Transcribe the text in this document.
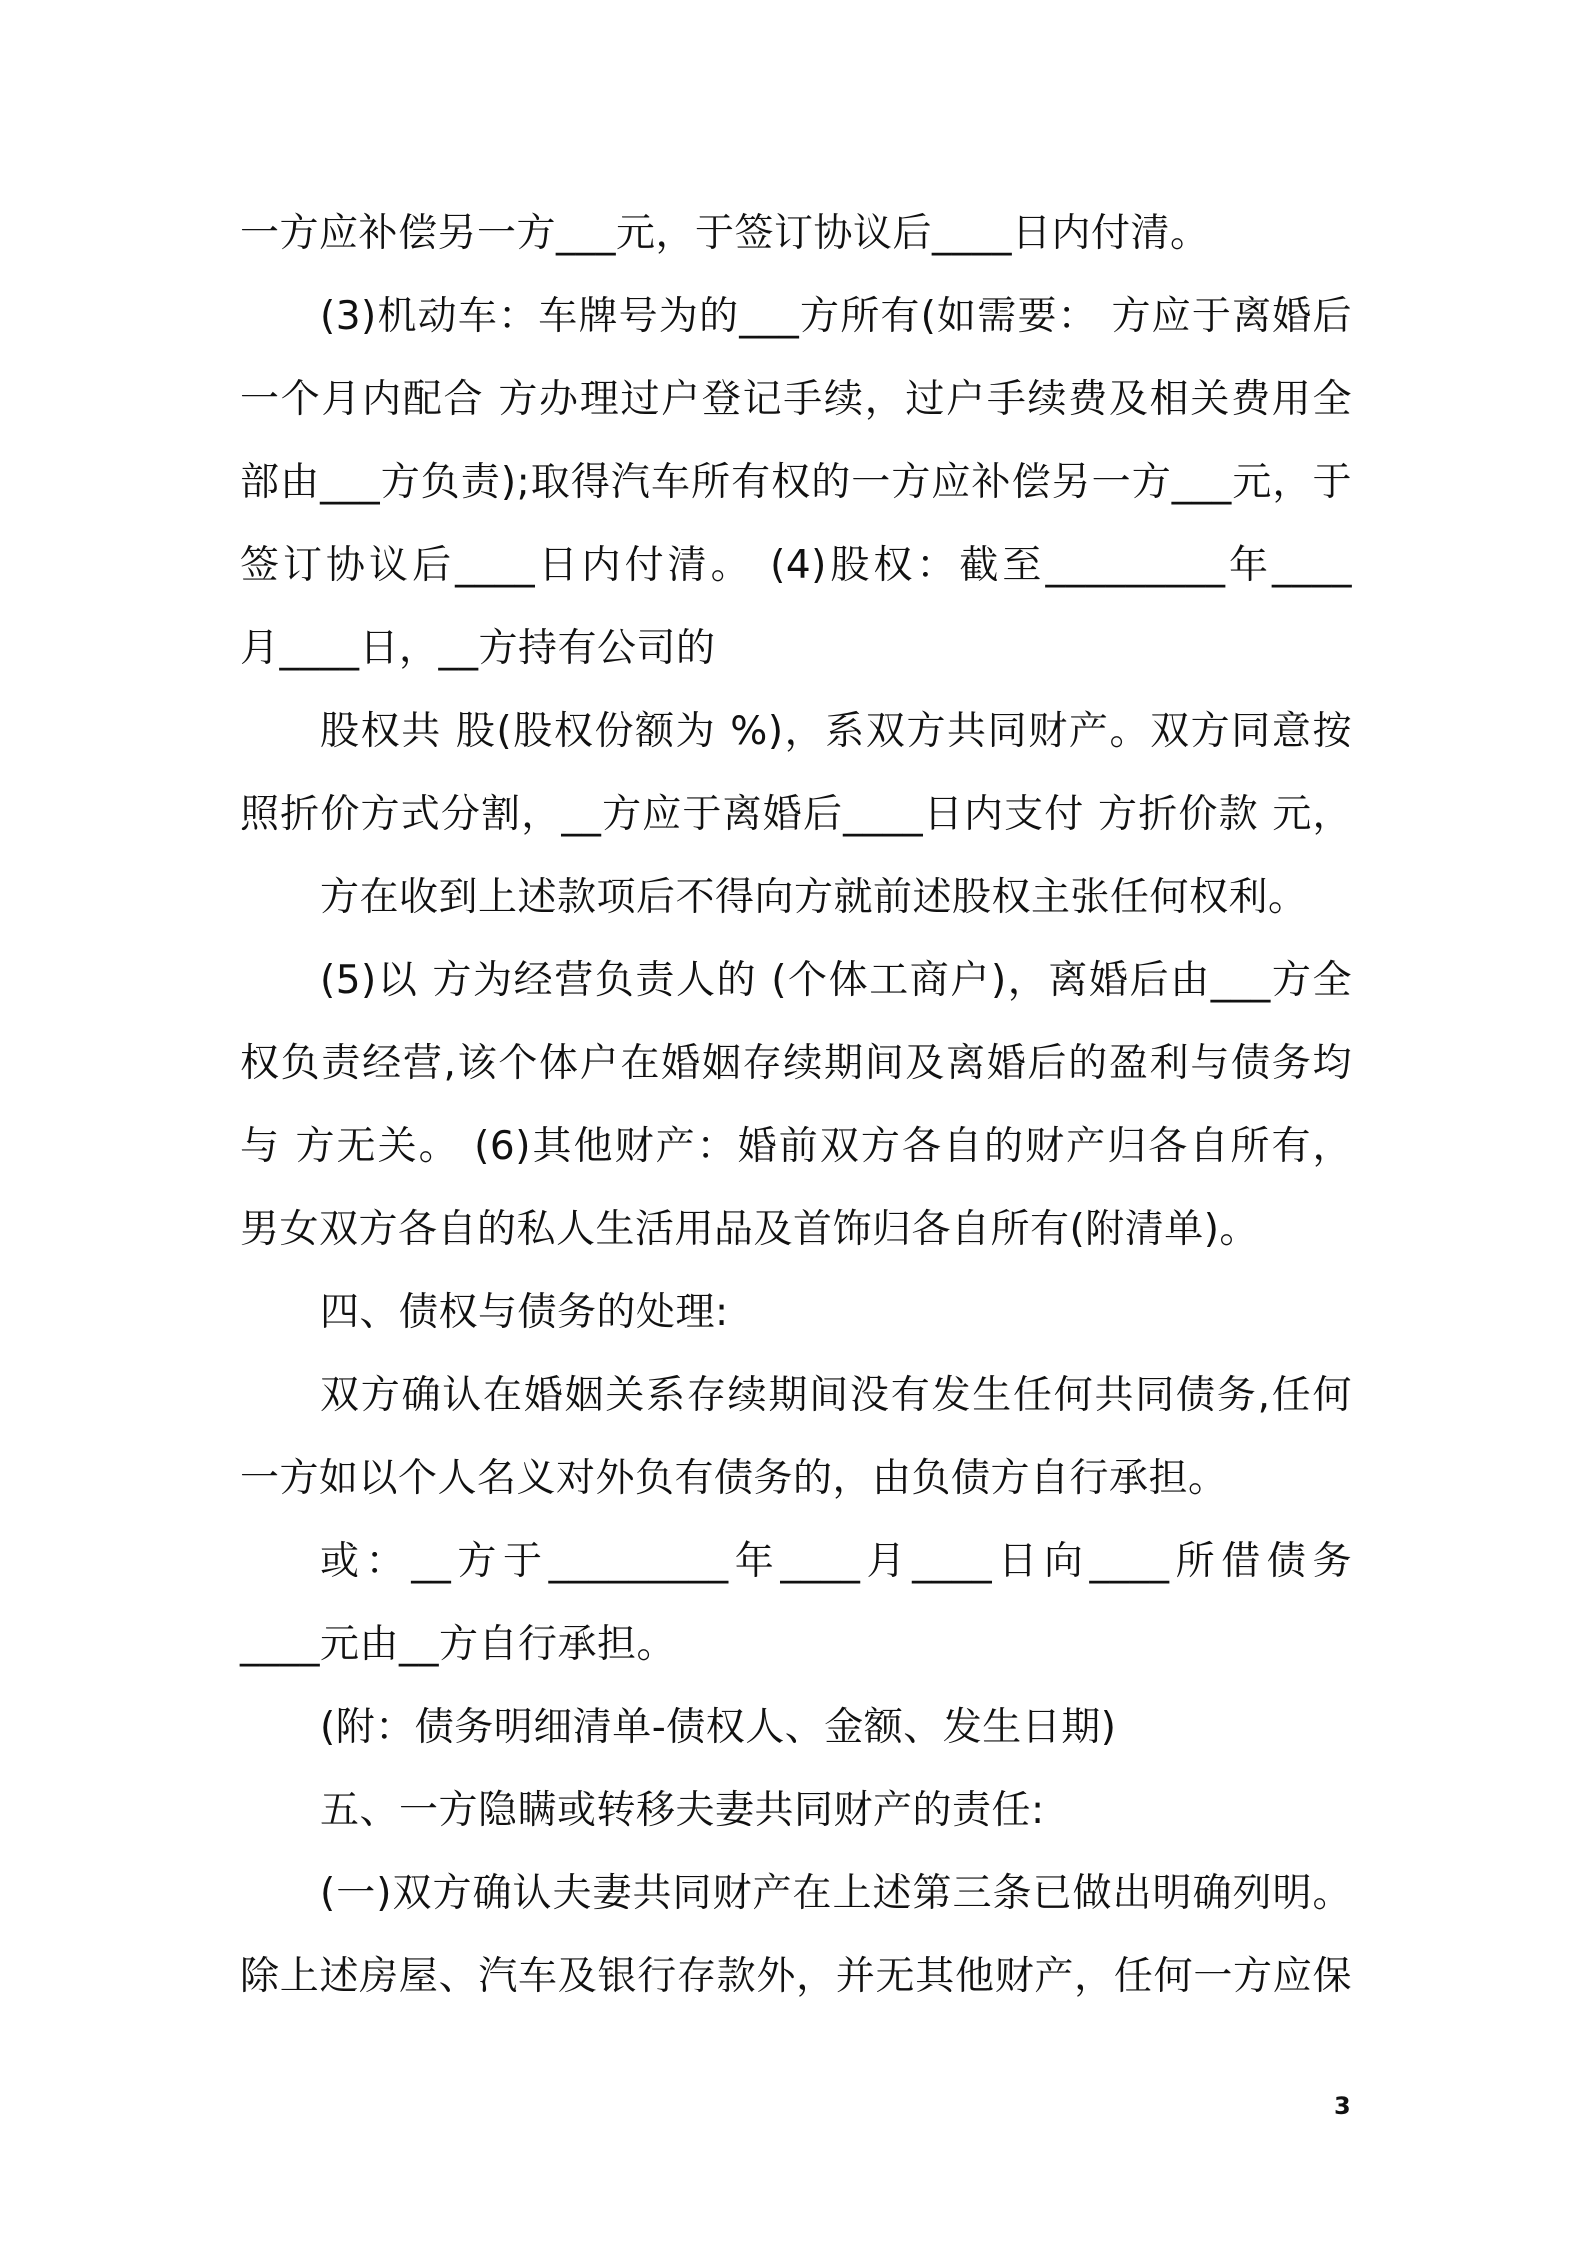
一方应补偿另一方___元，于签订协议后____日内付清。
(3)机动车：车牌号为的___方所有(如需要： 方应于离婚后
一个月内配合 方办理过户登记手续，过户手续费及相关费用全
部由___方负责);取得汽车所有权的一方应补偿另一方___元，于
签订协议后____日内付清。 (4)股权：截至_________年____
月____日，__方持有公司的
股权共 股(股权份额为 %)，系双方共同财产。双方同意按
照折价方式分割，__方应于离婚后____日内支付 方折价款 元，
方在收到上述款项后不得向方就前述股权主张任何权利。
(5)以 方为经营负责人的 (个体工商户)，离婚后由___方全
权负责经营,该个体户在婚姻存续期间及离婚后的盈利与债务均
与 方无关。 (6)其他财产：婚前双方各自的财产归各自所有，
男女双方各自的私人生活用品及首饰归各自所有(附清单)。
四、债权与债务的处理:
双方确认在婚姻关系存续期间没有发生任何共同债务,任何
一方如以个人名义对外负有债务的，由负债方自行承担。
或：__方于_________年____月____日向____所借债务
____元由__方自行承担。
(附：债务明细清单-债权人、金额、发生日期)
五、一方隐瞒或转移夫妻共同财产的责任:
(一)双方确认夫妻共同财产在上述第三条已做出明确列明。
除上述房屋、汽车及银行存款外，并无其他财产，任何一方应保
3
